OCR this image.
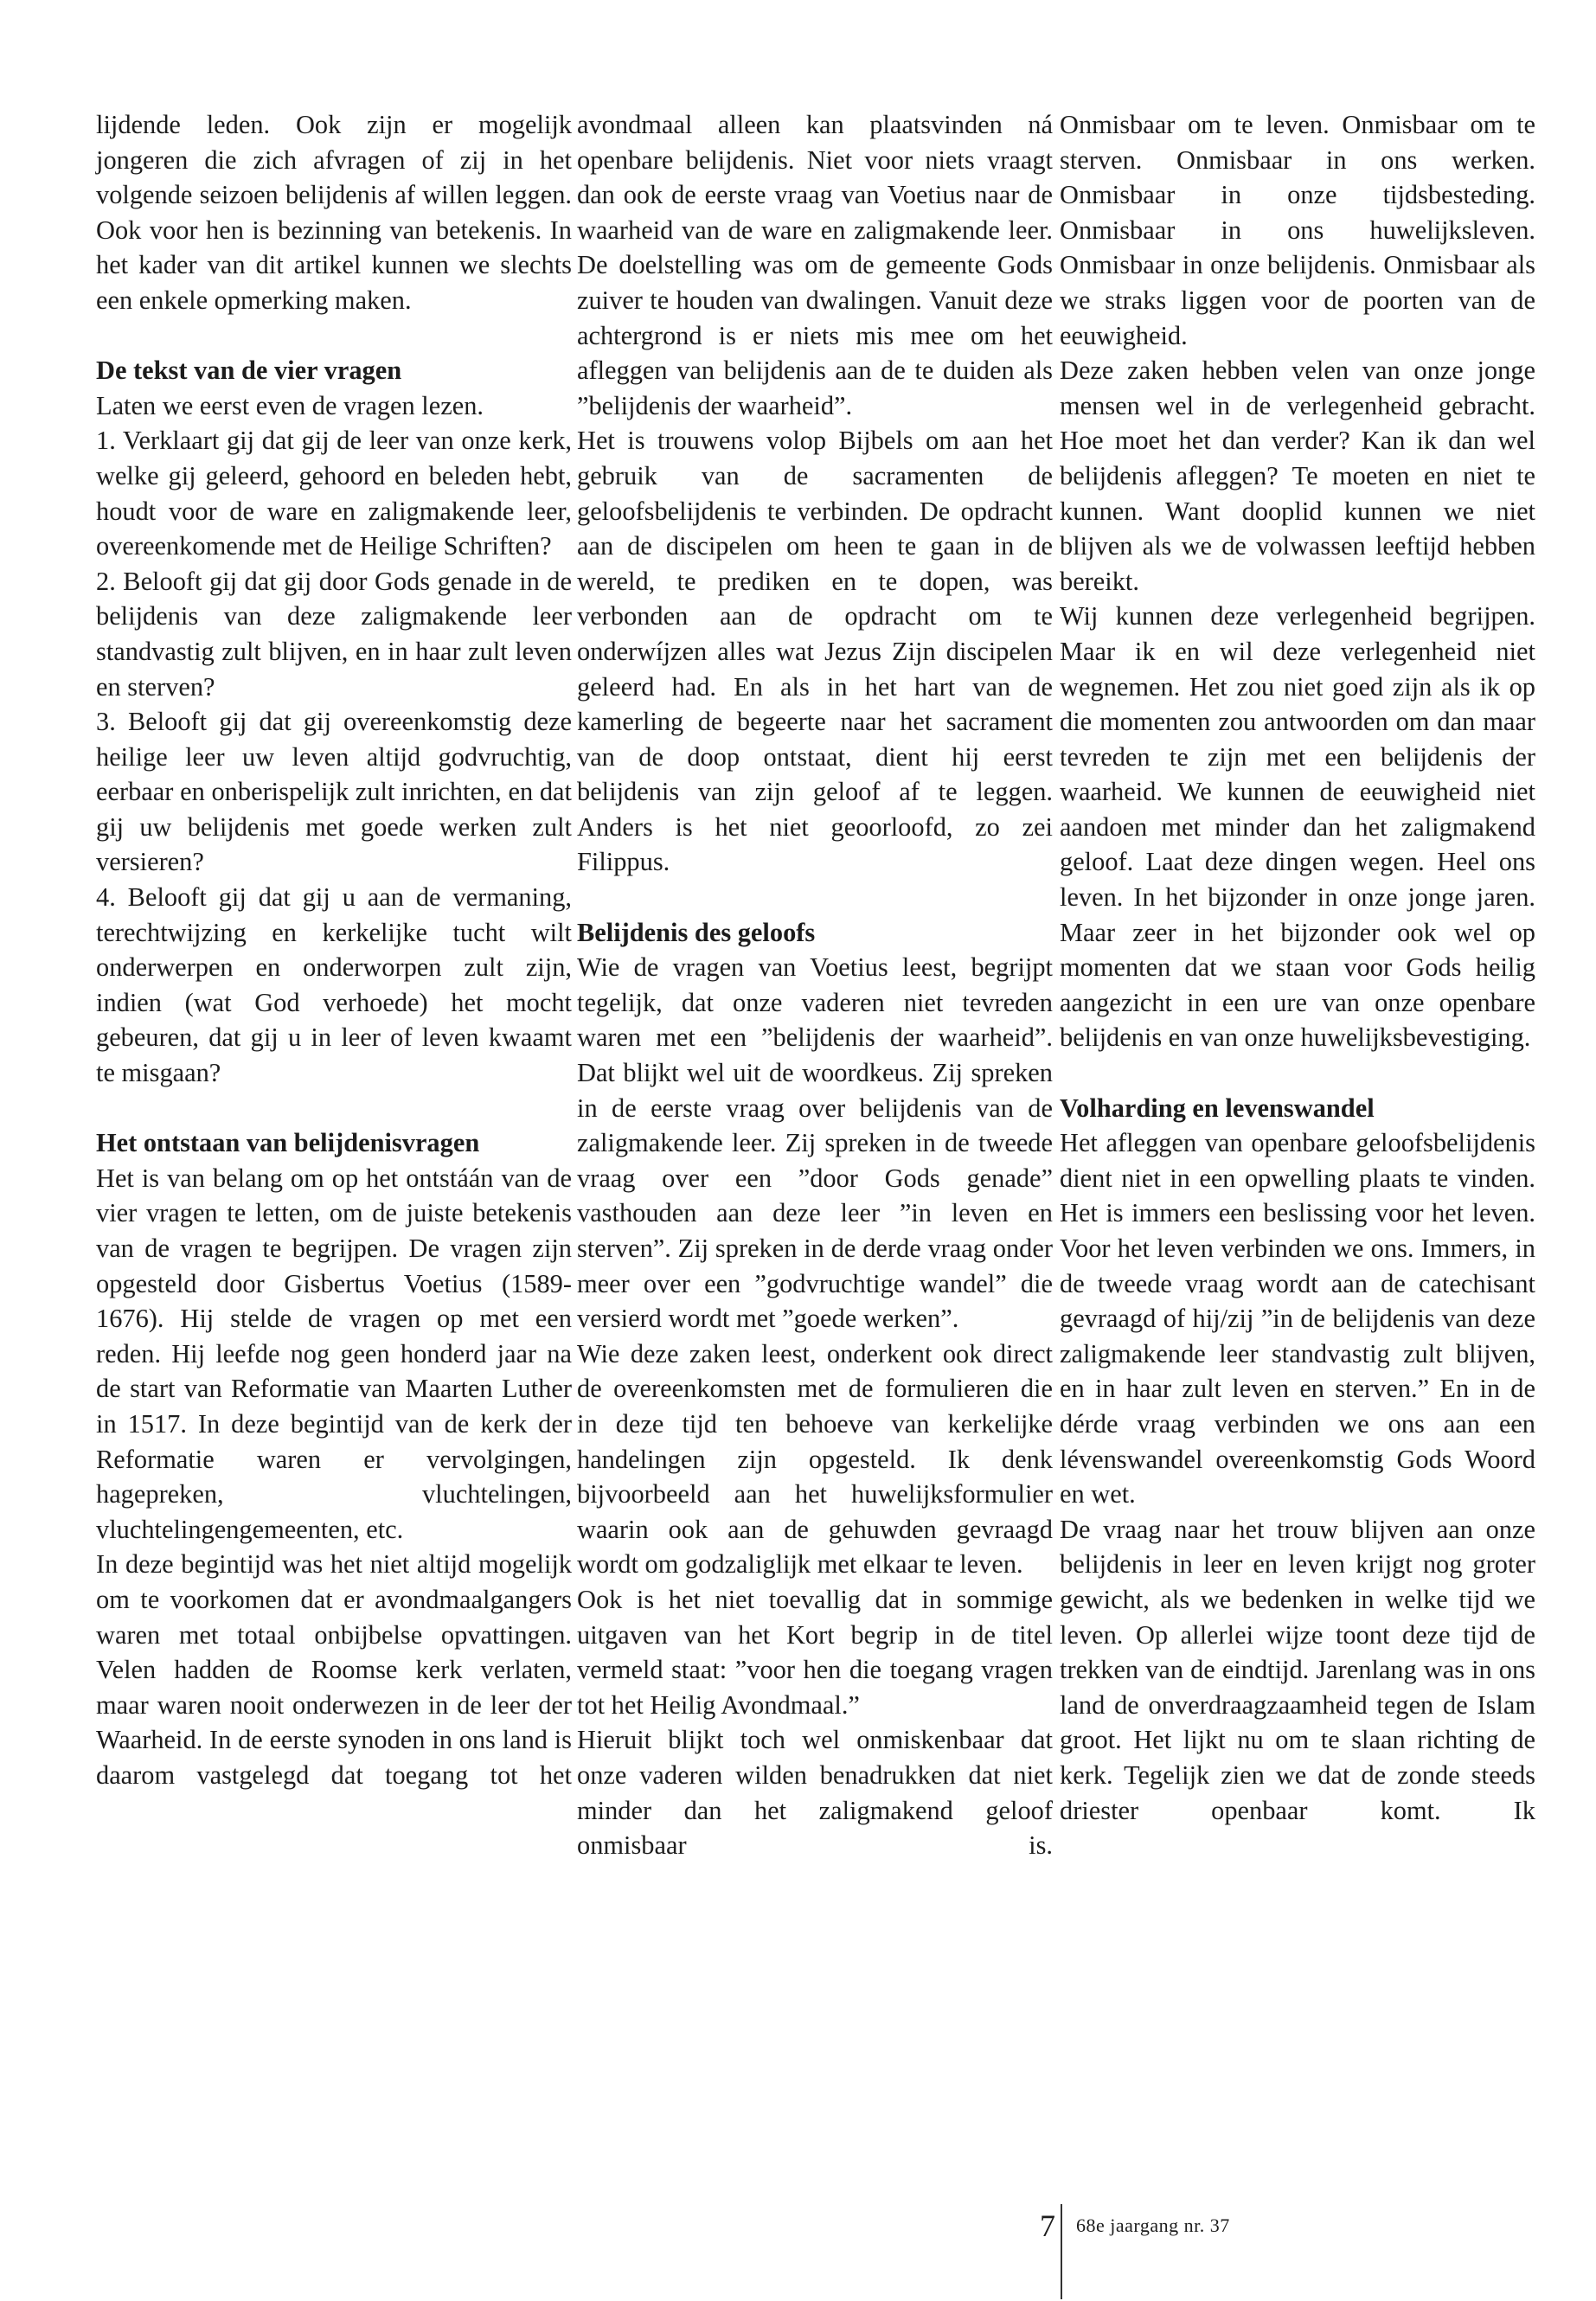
lijdende leden. Ook zijn er mogelijk jongeren die zich afvragen of zij in het volgende seizoen belijdenis af willen leggen. Ook voor hen is bezinning van betekenis. In het kader van dit artikel kunnen we slechts een enkele opmerking maken.

De tekst van de vier vragen

Laten we eerst even de vragen lezen.

1. Verklaart gij dat gij de leer van onze kerk, welke gij geleerd, gehoord en beleden hebt, houdt voor de ware en zaligmakende leer, overeenkomende met de Heilige Schriften?

2. Belooft gij dat gij door Gods genade in de belijdenis van deze zaligmakende leer standvastig zult blijven, en in haar zult leven en sterven?

3. Belooft gij dat gij overeenkomstig deze heilige leer uw leven altijd godvruchtig, eerbaar en onberispelijk zult inrichten, en dat gij uw belijdenis met goede werken zult versieren?

4. Belooft gij dat gij u aan de vermaning, terechtwijzing en kerkelijke tucht wilt onderwerpen en onderworpen zult zijn, indien (wat God verhoede) het mocht gebeuren, dat gij u in leer of leven kwaamt te misgaan?

Het ontstaan van belijdenisvragen

Het is van belang om op het ontstáán van de vier vragen te letten, om de juiste betekenis van de vragen te begrijpen. De vragen zijn opgesteld door Gisbertus Voetius (1589-1676). Hij stelde de vragen op met een reden. Hij leefde nog geen honderd jaar na de start van Reformatie van Maarten Luther in 1517. In deze begintijd van de kerk der Reformatie waren er vervolgingen, hagepreken, vluchtelingen, vluchtelingengemeenten, etc.

In deze begintijd was het niet altijd mogelijk om te voorkomen dat er avondmaalgangers waren met totaal onbijbelse opvattingen. Velen hadden de Roomse kerk verlaten, maar waren nooit onderwezen in de leer der Waarheid. In de eerste synoden in ons land is daarom vastgelegd dat toegang tot het

avondmaal alleen kan plaatsvinden ná openbare belijdenis. Niet voor niets vraagt dan ook de eerste vraag van Voetius naar de waarheid van de ware en zaligmakende leer. De doelstelling was om de gemeente Gods zuiver te houden van dwalingen. Vanuit deze achtergrond is er niets mis mee om het afleggen van belijdenis aan de te duiden als ”belijdenis der waarheid”.

Het is trouwens volop Bijbels om aan het gebruik van de sacramenten de geloofsbelijdenis te verbinden. De opdracht aan de discipelen om heen te gaan in de wereld, te prediken en te dopen, was verbonden aan de opdracht om te onderwíjzen alles wat Jezus Zijn discipelen geleerd had. En als in het hart van de kamerling de begeerte naar het sacrament van de doop ontstaat, dient hij eerst belijdenis van zijn geloof af te leggen. Anders is het niet geoorloofd, zo zei Filippus.

Belijdenis des geloofs

Wie de vragen van Voetius leest, begrijpt tegelijk, dat onze vaderen niet tevreden waren met een ”belijdenis der waarheid”. Dat blijkt wel uit de woordkeus. Zij spreken in de eerste vraag over belijdenis van de zaligmakende leer. Zij spreken in de tweede vraag over een ”door Gods genade” vasthouden aan deze leer ”in leven en sterven”. Zij spreken in de derde vraag onder meer over een ”godvruchtige wandel” die versierd wordt met ”goede werken”.

Wie deze zaken leest, onderkent ook direct de overeenkomsten met de formulieren die in deze tijd ten behoeve van kerkelijke handelingen zijn opgesteld. Ik denk bijvoorbeeld aan het huwelijksformulier waarin ook aan de gehuwden gevraagd wordt om godzaliglijk met elkaar te leven.

Ook is het niet toevallig dat in sommige uitgaven van het Kort begrip in de titel vermeld staat: ”voor hen die toegang vragen tot het Heilig Avondmaal.”

Hieruit blijkt toch wel onmiskenbaar dat onze vaderen wilden benadrukken dat niet minder dan het zaligmakend geloof onmisbaar is.

Onmisbaar om te leven. Onmisbaar om te sterven. Onmisbaar in ons werken. Onmisbaar in onze tijdsbesteding. Onmisbaar in ons huwelijksleven. Onmisbaar in onze belijdenis. Onmisbaar als we straks liggen voor de poorten van de eeuwigheid.

Deze zaken hebben velen van onze jonge mensen wel in de verlegenheid gebracht. Hoe moet het dan verder? Kan ik dan wel belijdenis afleggen? Te moeten en niet te kunnen. Want dooplid kunnen we niet blijven als we de volwassen leeftijd hebben bereikt.

Wij kunnen deze verlegenheid begrijpen. Maar ik en wil deze verlegenheid niet wegnemen. Het zou niet goed zijn als ik op die momenten zou antwoorden om dan maar tevreden te zijn met een belijdenis der waarheid. We kunnen de eeuwigheid niet aandoen met minder dan het zaligmakend geloof. Laat deze dingen wegen. Heel ons leven. In het bijzonder in onze jonge jaren. Maar zeer in het bijzonder ook wel op momenten dat we staan voor Gods heilig aangezicht in een ure van onze openbare belijdenis en van onze huwelijksbevestiging.

Volharding en levenswandel

Het afleggen van openbare geloofsbelijdenis dient niet in een opwelling plaats te vinden. Het is immers een beslissing voor het leven. Voor het leven verbinden we ons. Immers, in de tweede vraag wordt aan de catechisant gevraagd of hij/zij ”in de belijdenis van deze zaligmakende leer standvastig zult blijven, en in haar zult leven en sterven.” En in de dérde vraag verbinden we ons aan een lévenswandel overeenkomstig Gods Woord en wet.

De vraag naar het trouw blijven aan onze belijdenis in leer en leven krijgt nog groter gewicht, als we bedenken in welke tijd we leven. Op allerlei wijze toont deze tijd de trekken van de eindtijd. Jarenlang was in ons land de onverdraagzaamheid tegen de Islam groot. Het lijkt nu om te slaan richting de kerk. Tegelijk zien we dat de zonde steeds driester openbaar komt. Ik

7 68e jaargang nr. 37
